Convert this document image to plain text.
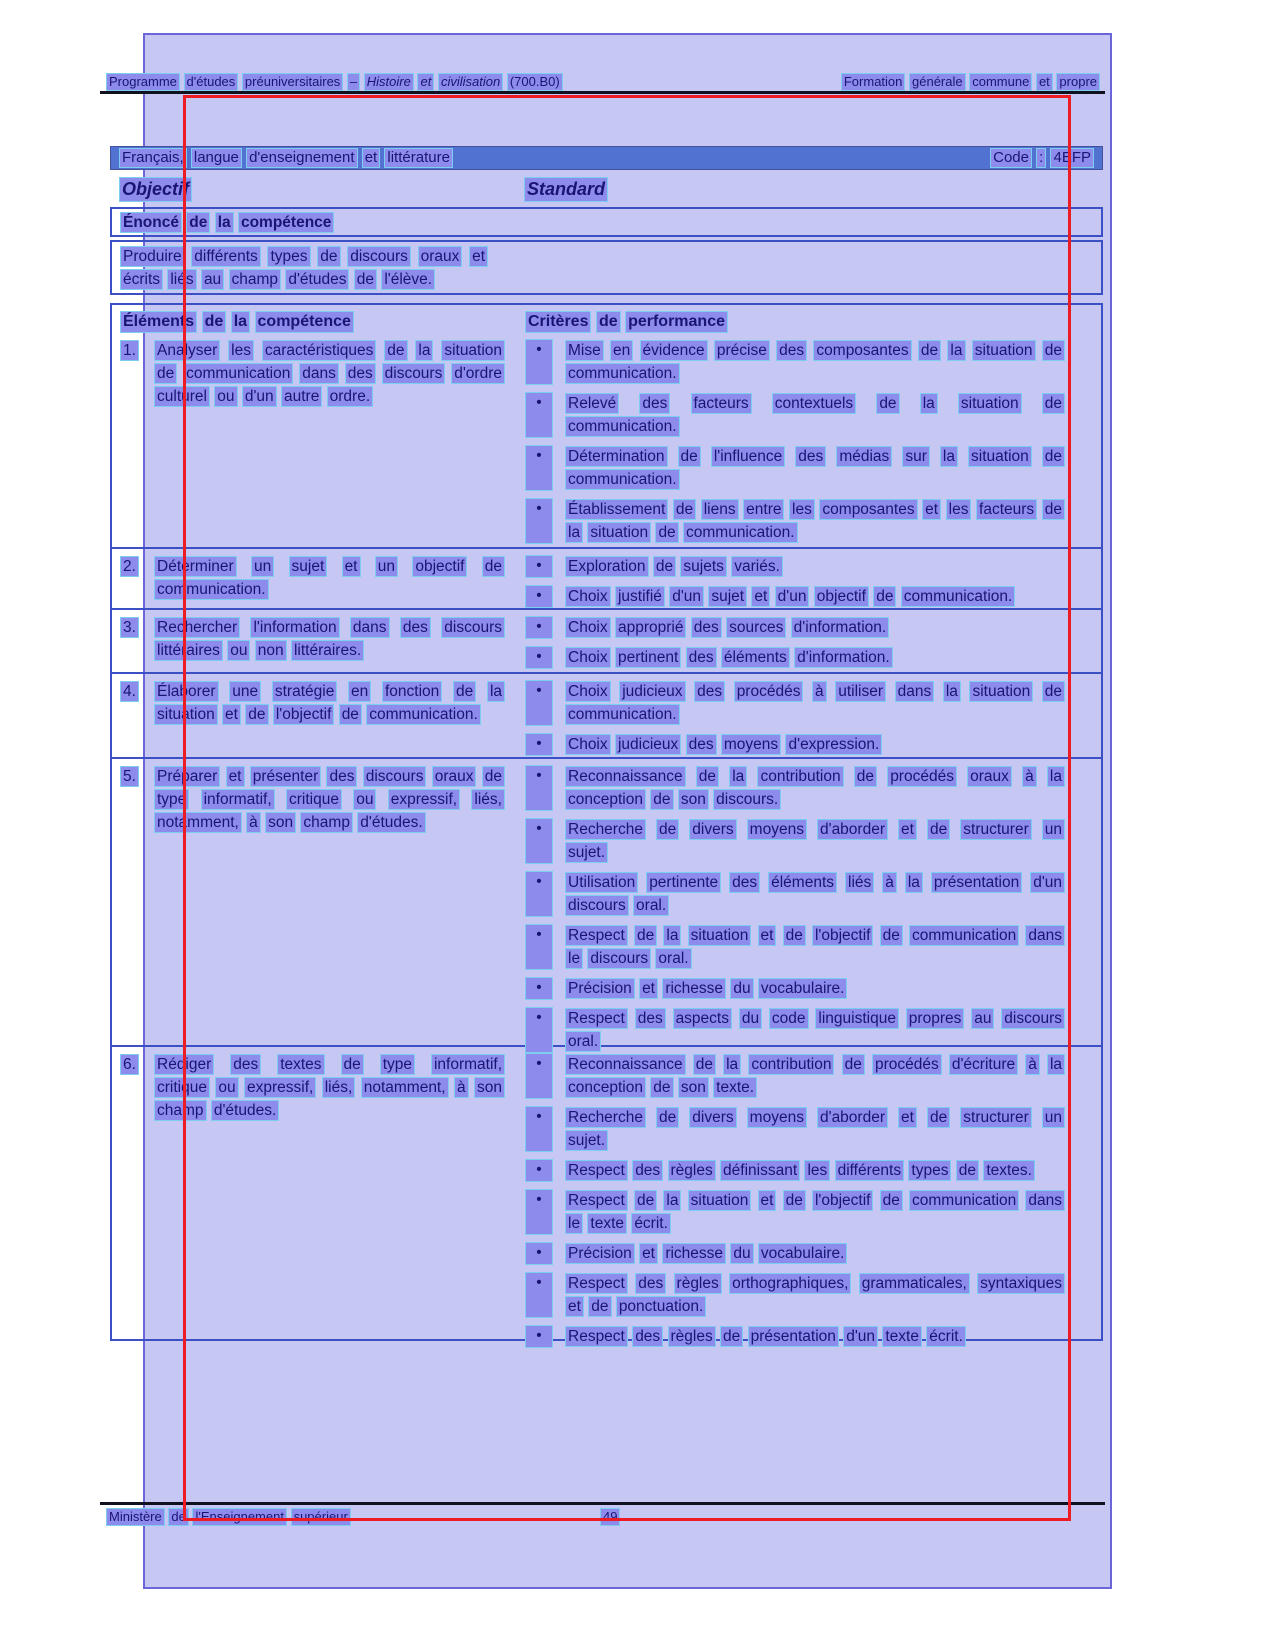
Programme d'études préuniversitaires – Histoire et civilisation (700.B0)	Formation générale commune et propre
Français, langue d'enseignement et littérature	Code : 4EFP
Objectif	Standard
Énoncé de la compétence
Produire différents types de discours oraux et écrits liés au champ d'études de l'élève.
Éléments de la compétence	Critères de performance
1.	Analyser les caractéristiques de la situation de communication dans des discours d'ordre culturel ou d'un autre ordre.
•	Mise en évidence précise des composantes de la situation de communication.
•	Relevé des facteurs contextuels de la situation de communication.
•	Détermination de l'influence des médias sur la situation de communication.
•	Établissement de liens entre les composantes et les facteurs de la situation de communication.
2.	Déterminer un sujet et un objectif de communication.
•	Exploration de sujets variés.
•	Choix justifié d'un sujet et d'un objectif de communication.
3.	Rechercher l'information dans des discours littéraires ou non littéraires.
•	Choix approprié des sources d'information.
•	Choix pertinent des éléments d'information.
4.	Élaborer une stratégie en fonction de la situation et de l'objectif de communication.
•	Choix judicieux des procédés à utiliser dans la situation de communication.
•	Choix judicieux des moyens d'expression.
5.	Préparer et présenter des discours oraux de type informatif, critique ou expressif, liés, notamment, à son champ d'études.
•	Reconnaissance de la contribution de procédés oraux à la conception de son discours.
•	Recherche de divers moyens d'aborder et de structurer un sujet.
•	Utilisation pertinente des éléments liés à la présentation d'un discours oral.
•	Respect de la situation et de l'objectif de communication dans le discours oral.
•	Précision et richesse du vocabulaire.
•	Respect des aspects du code linguistique propres au discours oral.
6.	Rédiger des textes de type informatif, critique ou expressif, liés, notamment, à son champ d'études.
•	Reconnaissance de la contribution de procédés d'écriture à la conception de son texte.
•	Recherche de divers moyens d'aborder et de structurer un sujet.
•	Respect des règles définissant les différents types de textes.
•	Respect de la situation et de l'objectif de communication dans le texte écrit.
•	Précision et richesse du vocabulaire.
•	Respect des règles orthographiques, grammaticales, syntaxiques et de ponctuation.
•	Respect des règles de présentation d'un texte écrit.
Ministère de l'Enseignement supérieur	49
